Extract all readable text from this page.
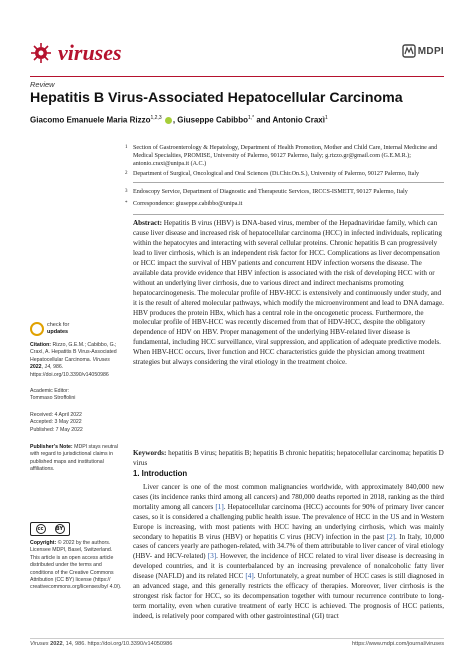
viruses	MDPI
Review
Hepatitis B Virus-Associated Hepatocellular Carcinoma
Giacomo Emanuele Maria Rizzo$^{1,2,3}$ , Giuseppe Cabibbo$^{1,*}$ and Antonio Craxì$^1$
1 Section of Gastroenterology & Hepatology, Department of Health Promotion, Mother and Child Care, Internal Medicine and Medical Specialties, PROMISE, University of Palermo, 90127 Palermo, Italy; g.rizzo.gr@gmail.com (G.E.M.R.); antonio.craxi@unipa.it (A.C.)
2 Department of Surgical, Oncological and Oral Sciences (Di.Chir.On.S.), University of Palermo, 90127 Palermo, Italy
3 Endoscopy Service, Department of Diagnostic and Therapeutic Services, IRCCS-ISMETT, 90127 Palermo, Italy
* Correspondence: giuseppe.cabibbo@unipa.it
Abstract: Hepatitis B virus (HBV) is DNA-based virus, member of the Hepadnaviridae family, which can cause liver disease and increased risk of hepatocellular carcinoma (HCC) in infected individuals, replicating within the hepatocytes and interacting with several cellular proteins. Chronic hepatitis B can progressively lead to liver cirrhosis, which is an independent risk factor for HCC. Complications as liver decompensation or HCC impact the survival of HBV patients and concurrent HDV infection worsens the disease. The available data provide evidence that HBV infection is associated with the risk of developing HCC with or without an underlying liver cirrhosis, due to various direct and indirect mechanisms promoting hepatocarcinogenesis. The molecular profile of HBV-HCC is extensively and continuously under study, and it is the result of altered molecular pathways, which modify the microenvironment and lead to DNA damage. HBV produces the protein HBx, which has a central role in the oncogenetic process. Furthermore, the molecular profile of HBV-HCC was recently discerned from that of HDV-HCC, despite the obligatory dependence of HDV on HBV. Proper management of the underlying HBV-related liver disease is fundamental, including HCC surveillance, viral suppression, and application of adequate predictive models. When HBV-HCC occurs, liver function and HCC characteristics guide the physician among treatment strategies but always considering the viral etiology in the treatment choice.
Keywords: hepatitis B virus; hepatitis B; hepatitis B chronic hepatitis; hepatocellular carcinoma; hepatitis D virus
check for
updates
Citation: Rizzo, G.E.M.; Cabibbo, G.; Craxì, A. Hepatitis B Virus-Associated Hepatocellular Carcinoma. Viruses 2022, 14, 986. https://doi.org/10.3390/v14050986
Academic Editor:
Tommaso Stroffolini
Received: 4 April 2022
Accepted: 3 May 2022
Published: 7 May 2022
Publisher’s Note: MDPI stays neutral with regard to jurisdictional claims in published maps and institutional affiliations.
cc	BY
Copyright: © 2022 by the authors. Licensee MDPI, Basel, Switzerland. This article is an open access article distributed under the terms and conditions of the Creative Commons Attribution (CC BY) license (https:// creativecommons.org/licenses/by/ 4.0/).
1. Introduction
Liver cancer is one of the most common malignancies worldwide, with approximately 840,000 new cases (its incidence ranks third among all cancers) and 780,000 deaths reported in 2018, ranking as the third mortality among all cancers [1]. Hepatocellular carcinoma (HCC) accounts for 90% of primary liver cancer cases, so it is considered a challenging public health issue. The prevalence of HCC in the US and in Western Europe is increasing, with most patients with HCC having an underlying cirrhosis, which was mainly secondary to hepatitis B virus (HBV) or hepatitis C virus (HCV) infection in the past [2]. In Italy, 10,000 cases of cancers yearly are pathogen-related, with 34.7% of them attributable to liver cancer of viral etiology (HBV- and HCV-related) [3]. However, the incidence of HCC related to viral liver disease is decreasing in developed countries, and it is counterbalanced by an increasing prevalence of nonalcoholic fatty liver disease (NAFLD) and its related HCC [4]. Unfortunately, a great number of HCC cases is still diagnosed in an advanced stage, and this generally restricts the efficacy of therapies. Moreover, liver cirrhosis is the strongest risk factor for HCC, so its decompensation together with tumour recurrence contribute to long-term mortality, even when curative treatment of early HCC is achieved. The prognosis of HCC patients, indeed, is relatively poor compared with other gastrointestinal (GI) tract
Viruses 2022, 14, 986. https://doi.org/10.3390/v14050986	https://www.mdpi.com/journal/viruses
